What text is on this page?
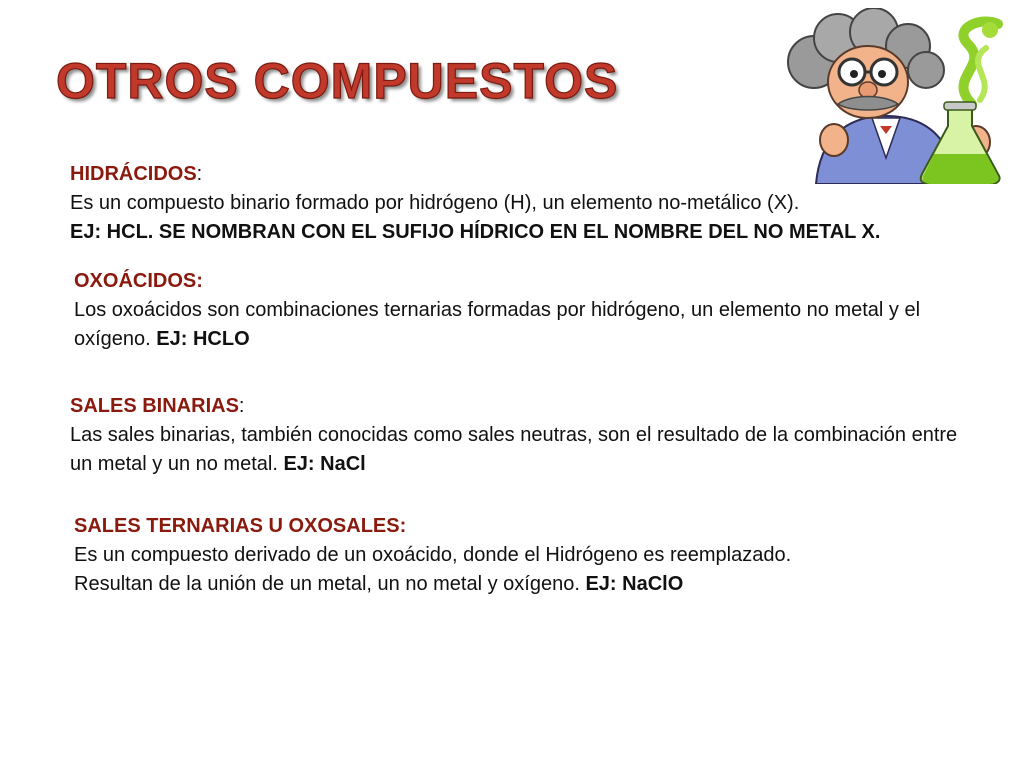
OTROS COMPUESTOS

HIDRÁCIDOS:

Es un compuesto binario formado por hidrógeno (H), un elemento no-metálico (X).

EJ: HCL. SE NOMBRAN CON EL SUFIJO HÍDRICO EN EL NOMBRE DEL NO METAL X.

OXOÁCIDOS:

Los oxoácidos son combinaciones ternarias formadas por hidrógeno, un elemento no metal y el oxígeno. EJ: HCLO

SALES BINARIAS:

Las sales binarias, también conocidas como sales neutras, son el resultado de la combinación entre un metal y un no metal. EJ: NaCl

SALES TERNARIAS U OXOSALES:

Es un compuesto derivado de un oxoácido, donde el Hidrógeno es reemplazado.

Resultan de la unión de un metal, un no metal y oxígeno. EJ: NaClO
